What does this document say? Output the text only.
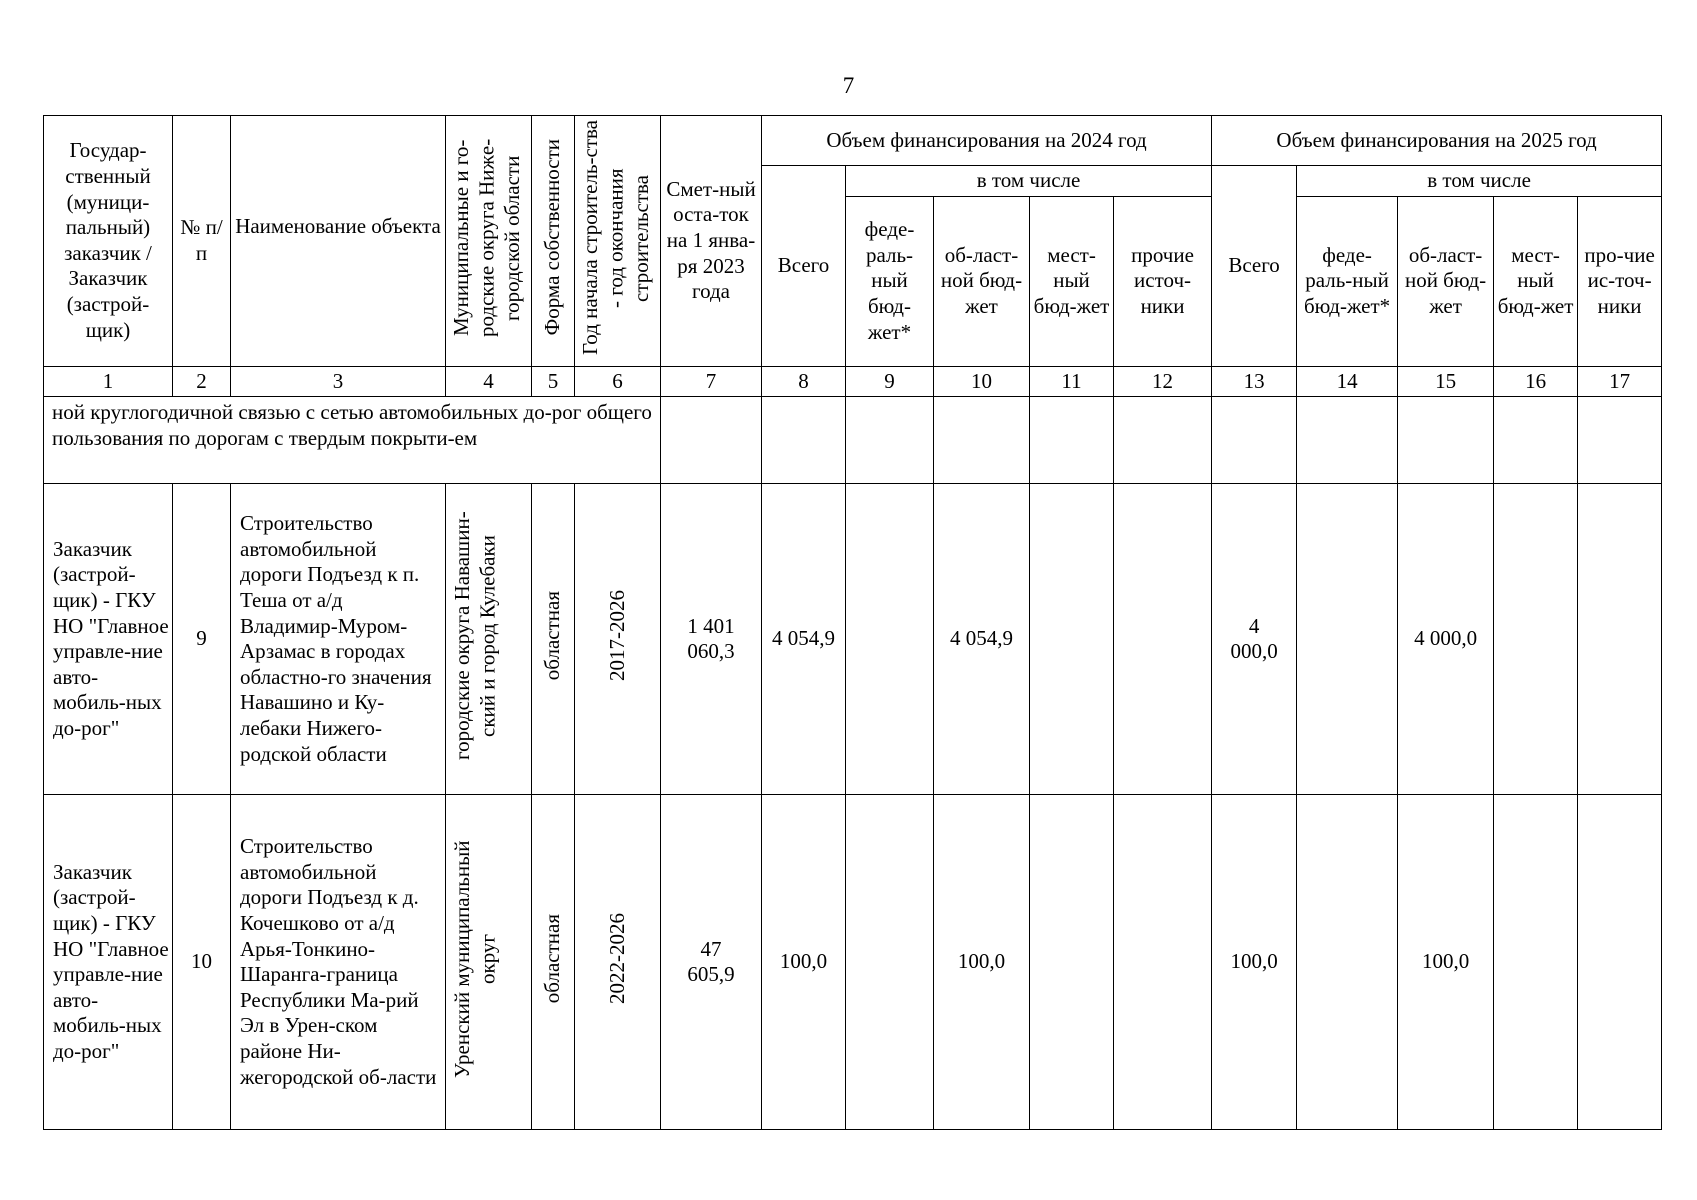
7
Государ-ственный (муници-пальный) заказчик / Заказчик (застрой-щик)	№ п/п	Наименование объекта	Муниципальные и го-родские округа Нижe-городской области	Форма собственности	Год начала строитель-ства - год окончания строительства	Смет-ный оста-ток на 1 янва-ря 2023 года	Объем финансирования на 2024 год					Объем финансирования на 2025 год				
							Всего	в том числе				Всего	в том числе			
								феде-раль-ный бюд-жет*	об-ласт-ной бюд-жет	мест-ный бюд-жет	прочие источ-ники		феде-раль-ный бюд-жет*	об-ласт-ной бюд-жет	мест-ный бюд-жет	про-чие ис-точ-ники
1	2	3	4	5	6	7	8	9	10	11	12	13	14	15	16	17
ной круглогодичной связью с сетью автомобильных до-рог общего пользования по дорогам с твердым покрыти-ем																
Заказчик (застрой-щик) - ГКУ НО "Главное управле-ние авто-мобиль-ных до-рог"	9	Строительство автомобильной дороги Подъезд к п. Теша от а/д Владимир-Муром-Арзамас в городах областно-го значения Навашино и Ку-лебаки Нижего-родской области	городские округа Навашин-ский и город Кулебаки	областная	2017-2026	1 401 060,3	4 054,9		4 054,9			4 000,0		4 000,0		
Заказчик (застрой-щик) - ГКУ НО "Главное управле-ние авто-мобиль-ных до-рог"	10	Строительство автомобильной дороги Подъезд к д. Кочешково от а/д Арья-Тонкино-Шаранга-граница Республики Ма-рий Эл в Урен-ском районе Ни-жегородской об-ласти	Уренский муниципальный округ	областная	2022-2026	47 605,9	100,0		100,0			100,0		100,0		
